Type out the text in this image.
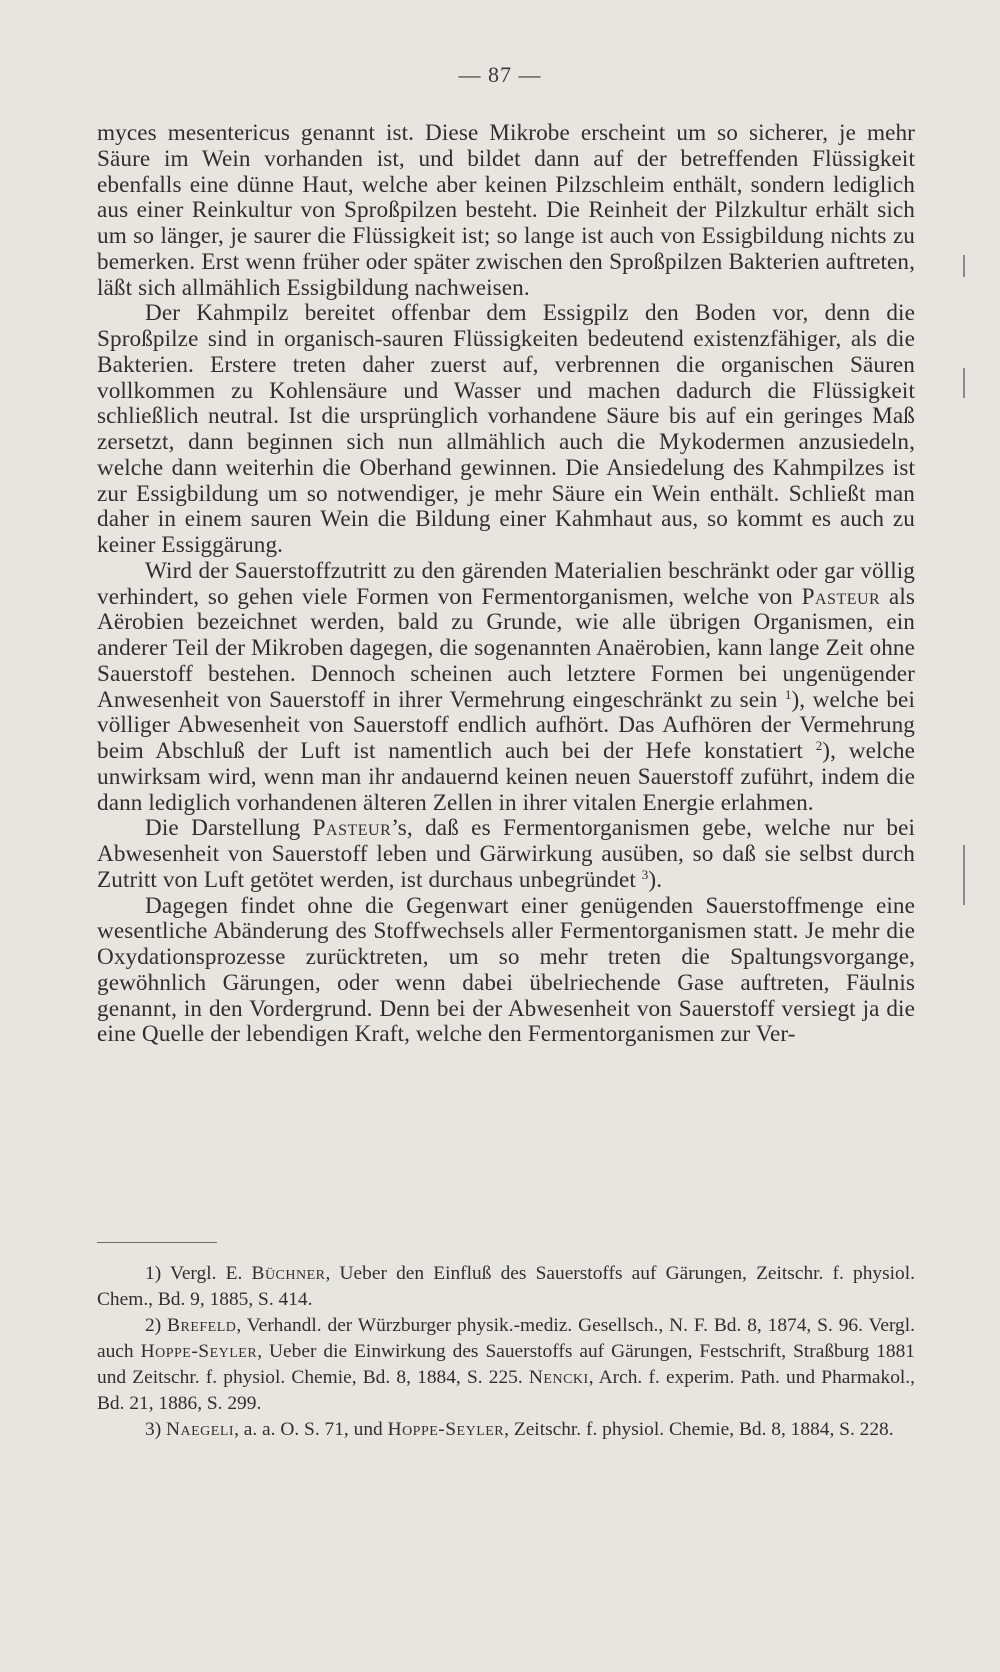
— 87 —

myces mesentericus genannt ist. Diese Mikrobe erscheint um so sicherer, je mehr Säure im Wein vorhanden ist, und bildet dann auf der betreffenden Flüssigkeit ebenfalls eine dünne Haut, welche aber keinen Pilzschleim enthält, sondern lediglich aus einer Reinkultur von Sproßpilzen besteht. Die Reinheit der Pilzkultur erhält sich um so länger, je saurer die Flüssigkeit ist; so lange ist auch von Essigbildung nichts zu bemerken. Erst wenn früher oder später zwischen den Sproßpilzen Bakterien auftreten, läßt sich allmählich Essigbildung nachweisen.

Der Kahmpilz bereitet offenbar dem Essigpilz den Boden vor, denn die Sproßpilze sind in organisch-sauren Flüssigkeiten bedeutend existenzfähiger, als die Bakterien. Erstere treten daher zuerst auf, verbrennen die organischen Säuren vollkommen zu Kohlensäure und Wasser und machen dadurch die Flüssigkeit schließlich neutral. Ist die ursprünglich vorhandene Säure bis auf ein geringes Maß zersetzt, dann beginnen sich nun allmählich auch die Mykodermen anzusiedeln, welche dann weiterhin die Oberhand gewinnen. Die Ansiedelung des Kahmpilzes ist zur Essigbildung um so notwendiger, je mehr Säure ein Wein enthält. Schließt man daher in einem sauren Wein die Bildung einer Kahmhaut aus, so kommt es auch zu keiner Essiggärung.

Wird der Sauerstoffzutritt zu den gärenden Materialien beschränkt oder gar völlig verhindert, so gehen viele Formen von Fermentorganismen, welche von Pasteur als Aërobien bezeichnet werden, bald zu Grunde, wie alle übrigen Organismen, ein anderer Teil der Mikroben dagegen, die sogenannten Anaërobien, kann lange Zeit ohne Sauerstoff bestehen. Dennoch scheinen auch letztere Formen bei ungenügender Anwesenheit von Sauerstoff in ihrer Vermehrung eingeschränkt zu sein $^1$), welche bei völliger Abwesenheit von Sauerstoff endlich aufhört. Das Aufhören der Vermehrung beim Abschluß der Luft ist namentlich auch bei der Hefe konstatiert $^2$), welche unwirksam wird, wenn man ihr andauernd keinen neuen Sauerstoff zuführt, indem die dann lediglich vorhandenen älteren Zellen in ihrer vitalen Energie erlahmen.

Die Darstellung Pasteur’s, daß es Fermentorganismen gebe, welche nur bei Abwesenheit von Sauerstoff leben und Gärwirkung ausüben, so daß sie selbst durch Zutritt von Luft getötet werden, ist durchaus unbegründet $^3$).

Dagegen findet ohne die Gegenwart einer genügenden Sauerstoffmenge eine wesentliche Abänderung des Stoffwechsels aller Fermentorganismen statt. Je mehr die Oxydationsprozesse zurücktreten, um so mehr treten die Spaltungsvorgange, gewöhnlich Gärungen, oder wenn dabei übelriechende Gase auftreten, Fäulnis genannt, in den Vordergrund. Denn bei der Abwesenheit von Sauerstoff versiegt ja die eine Quelle der lebendigen Kraft, welche den Fermentorganismen zur Ver-

1) Vergl. E. Büchner, Ueber den Einfluß des Sauerstoffs auf Gärungen, Zeitschr. f. physiol. Chem., Bd. 9, 1885, S. 414.

2) Brefeld, Verhandl. der Würzburger physik.-mediz. Gesellsch., N. F. Bd. 8, 1874, S. 96. Vergl. auch Hoppe-Seyler, Ueber die Einwirkung des Sauerstoffs auf Gärungen, Festschrift, Straßburg 1881 und Zeitschr. f. physiol. Chemie, Bd. 8, 1884, S. 225. Nencki, Arch. f. experim. Path. und Pharmakol., Bd. 21, 1886, S. 299.

3) Naegeli, a. a. O. S. 71, und Hoppe-Seyler, Zeitschr. f. physiol. Chemie, Bd. 8, 1884, S. 228.
